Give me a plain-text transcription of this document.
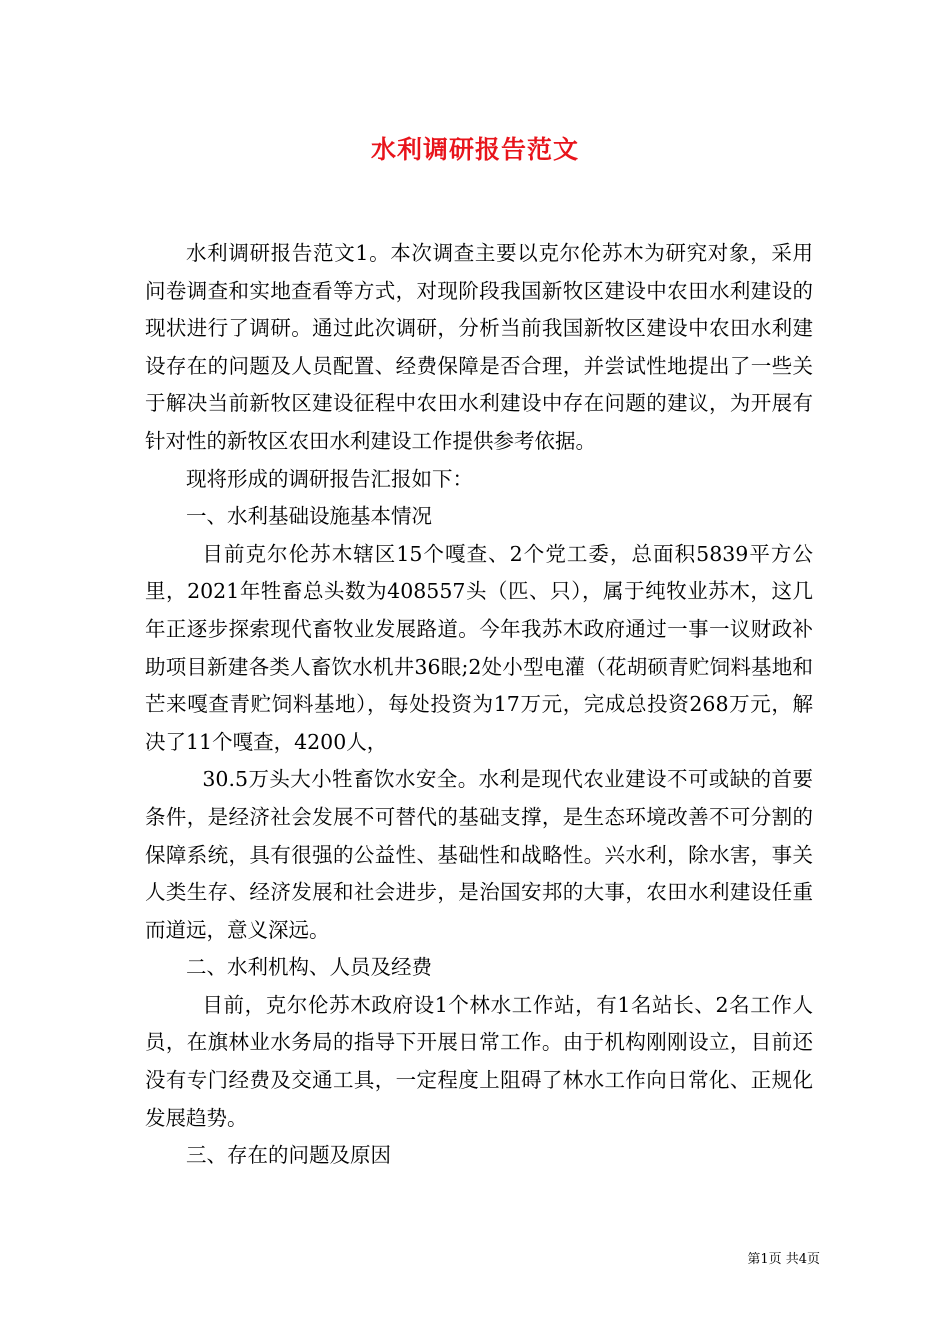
水利调研报告范文

水利调研报告范文1。本次调查主要以克尔伦苏木为研究对象，采用问卷调查和实地查看等方式，对现阶段我国新牧区建设中农田水利建设的现状进行了调研。通过此次调研，分析当前我国新牧区建设中农田水利建设存在的问题及人员配置、经费保障是否合理，并尝试性地提出了一些关于解决当前新牧区建设征程中农田水利建设中存在问题的建议，为开展有针对性的新牧区农田水利建设工作提供参考依据。

现将形成的调研报告汇报如下：

一、水利基础设施基本情况

目前克尔伦苏木辖区15个嘎查、2个党工委，总面积5839平方公里，2021年牲畜总头数为408557头（匹、只），属于纯牧业苏木，这几年正逐步探索现代畜牧业发展路道。今年我苏木政府通过一事一议财政补助项目新建各类人畜饮水机井36眼;2处小型电灌（花胡硕青贮饲料基地和芒来嘎查青贮饲料基地），每处投资为17万元，完成总投资268万元，解决了11个嘎查，4200人，

30.5万头大小牲畜饮水安全。水利是现代农业建设不可或缺的首要条件，是经济社会发展不可替代的基础支撑，是生态环境改善不可分割的保障系统，具有很强的公益性、基础性和战略性。兴水利，除水害，事关人类生存、经济发展和社会进步，是治国安邦的大事，农田水利建设任重而道远，意义深远。

二、水利机构、人员及经费

目前，克尔伦苏木政府设1个林水工作站，有1名站长、2名工作人员，在旗林业水务局的指导下开展日常工作。由于机构刚刚设立，目前还没有专门经费及交通工具，一定程度上阻碍了林水工作向日常化、正规化发展趋势。

三、存在的问题及原因

第1页 共4页
